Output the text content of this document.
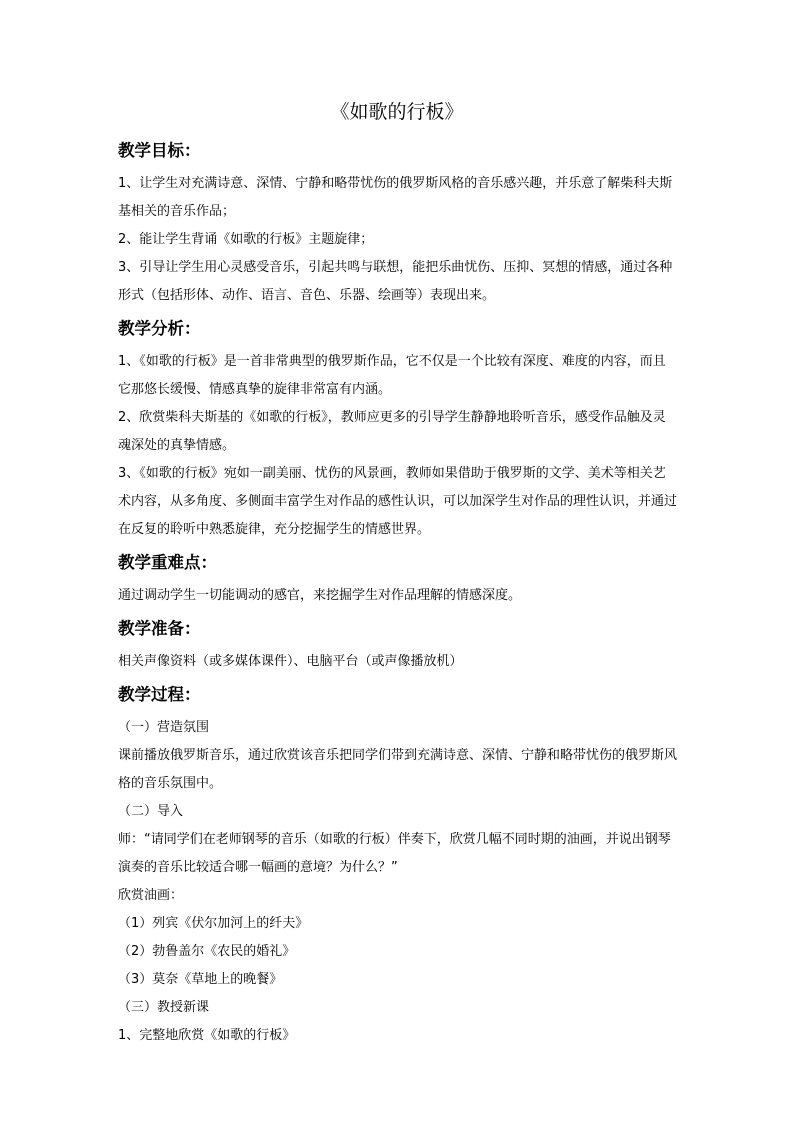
《如歌的行板》
教学目标：
1、让学生对充满诗意、深情、宁静和略带忧伤的俄罗斯风格的音乐感兴趣，并乐意了解柴科夫斯基相关的音乐作品；
2、能让学生背诵《如歌的行板》主题旋律；
3、引导让学生用心灵感受音乐，引起共鸣与联想，能把乐曲忧伤、压抑、冥想的情感，通过各种形式（包括形体、动作、语言、音色、乐器、绘画等）表现出来。
教学分析：
1、《如歌的行板》是一首非常典型的俄罗斯作品，它不仅是一个比较有深度、难度的内容，而且它那悠长缓慢、情感真挚的旋律非常富有内涵。
2、欣赏柴科夫斯基的《如歌的行板》，教师应更多的引导学生静静地聆听音乐，感受作品触及灵魂深处的真挚情感。
3、《如歌的行板》宛如一副美丽、忧伤的风景画，教师如果借助于俄罗斯的文学、美术等相关艺术内容，从多角度、多侧面丰富学生对作品的感性认识，可以加深学生对作品的理性认识，并通过在反复的聆听中熟悉旋律，充分挖掘学生的情感世界。
教学重难点：
通过调动学生一切能调动的感官，来挖掘学生对作品理解的情感深度。
教学准备：
相关声像资料（或多媒体课件）、电脑平台（或声像播放机）
教学过程：
（一）营造氛围
课前播放俄罗斯音乐，通过欣赏该音乐把同学们带到充满诗意、深情、宁静和略带忧伤的俄罗斯风格的音乐氛围中。
（二）导入
师：“请同学们在老师钢琴的音乐（如歌的行板）伴奏下，欣赏几幅不同时期的油画，并说出钢琴演奏的音乐比较适合哪一幅画的意境？为什么？”
欣赏油画：
（1）列宾《伏尔加河上的纤夫》
（2）勃鲁盖尔《农民的婚礼》
（3）莫奈《草地上的晚餐》
（三）教授新课
1、完整地欣赏《如歌的行板》
